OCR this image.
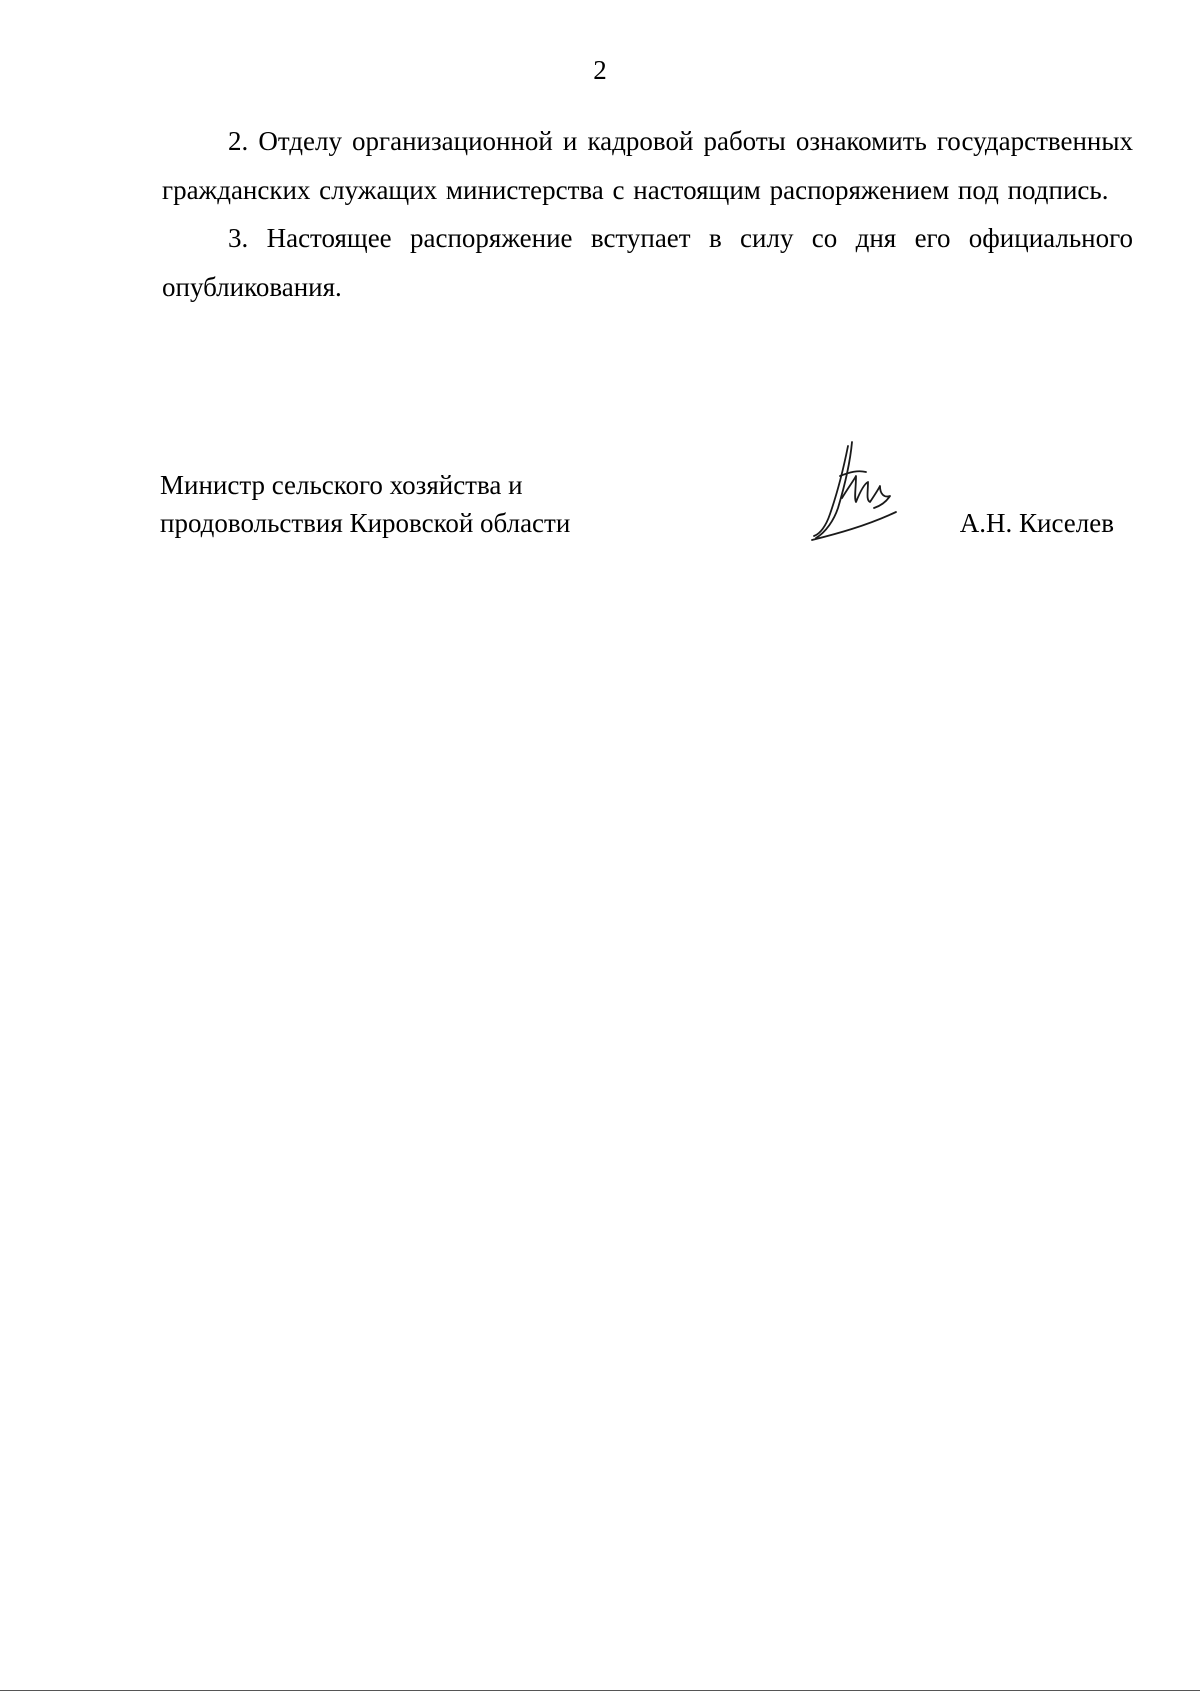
2

2. Отделу организационной и кадровой работы ознакомить государственных гражданских служащих министерства с настоящим распоряжением под подпись.

3. Настоящее распоряжение вступает в силу со дня его официального опубликования.

Министр сельского хозяйства и
продовольствия Кировской области	А.Н. Киселев
